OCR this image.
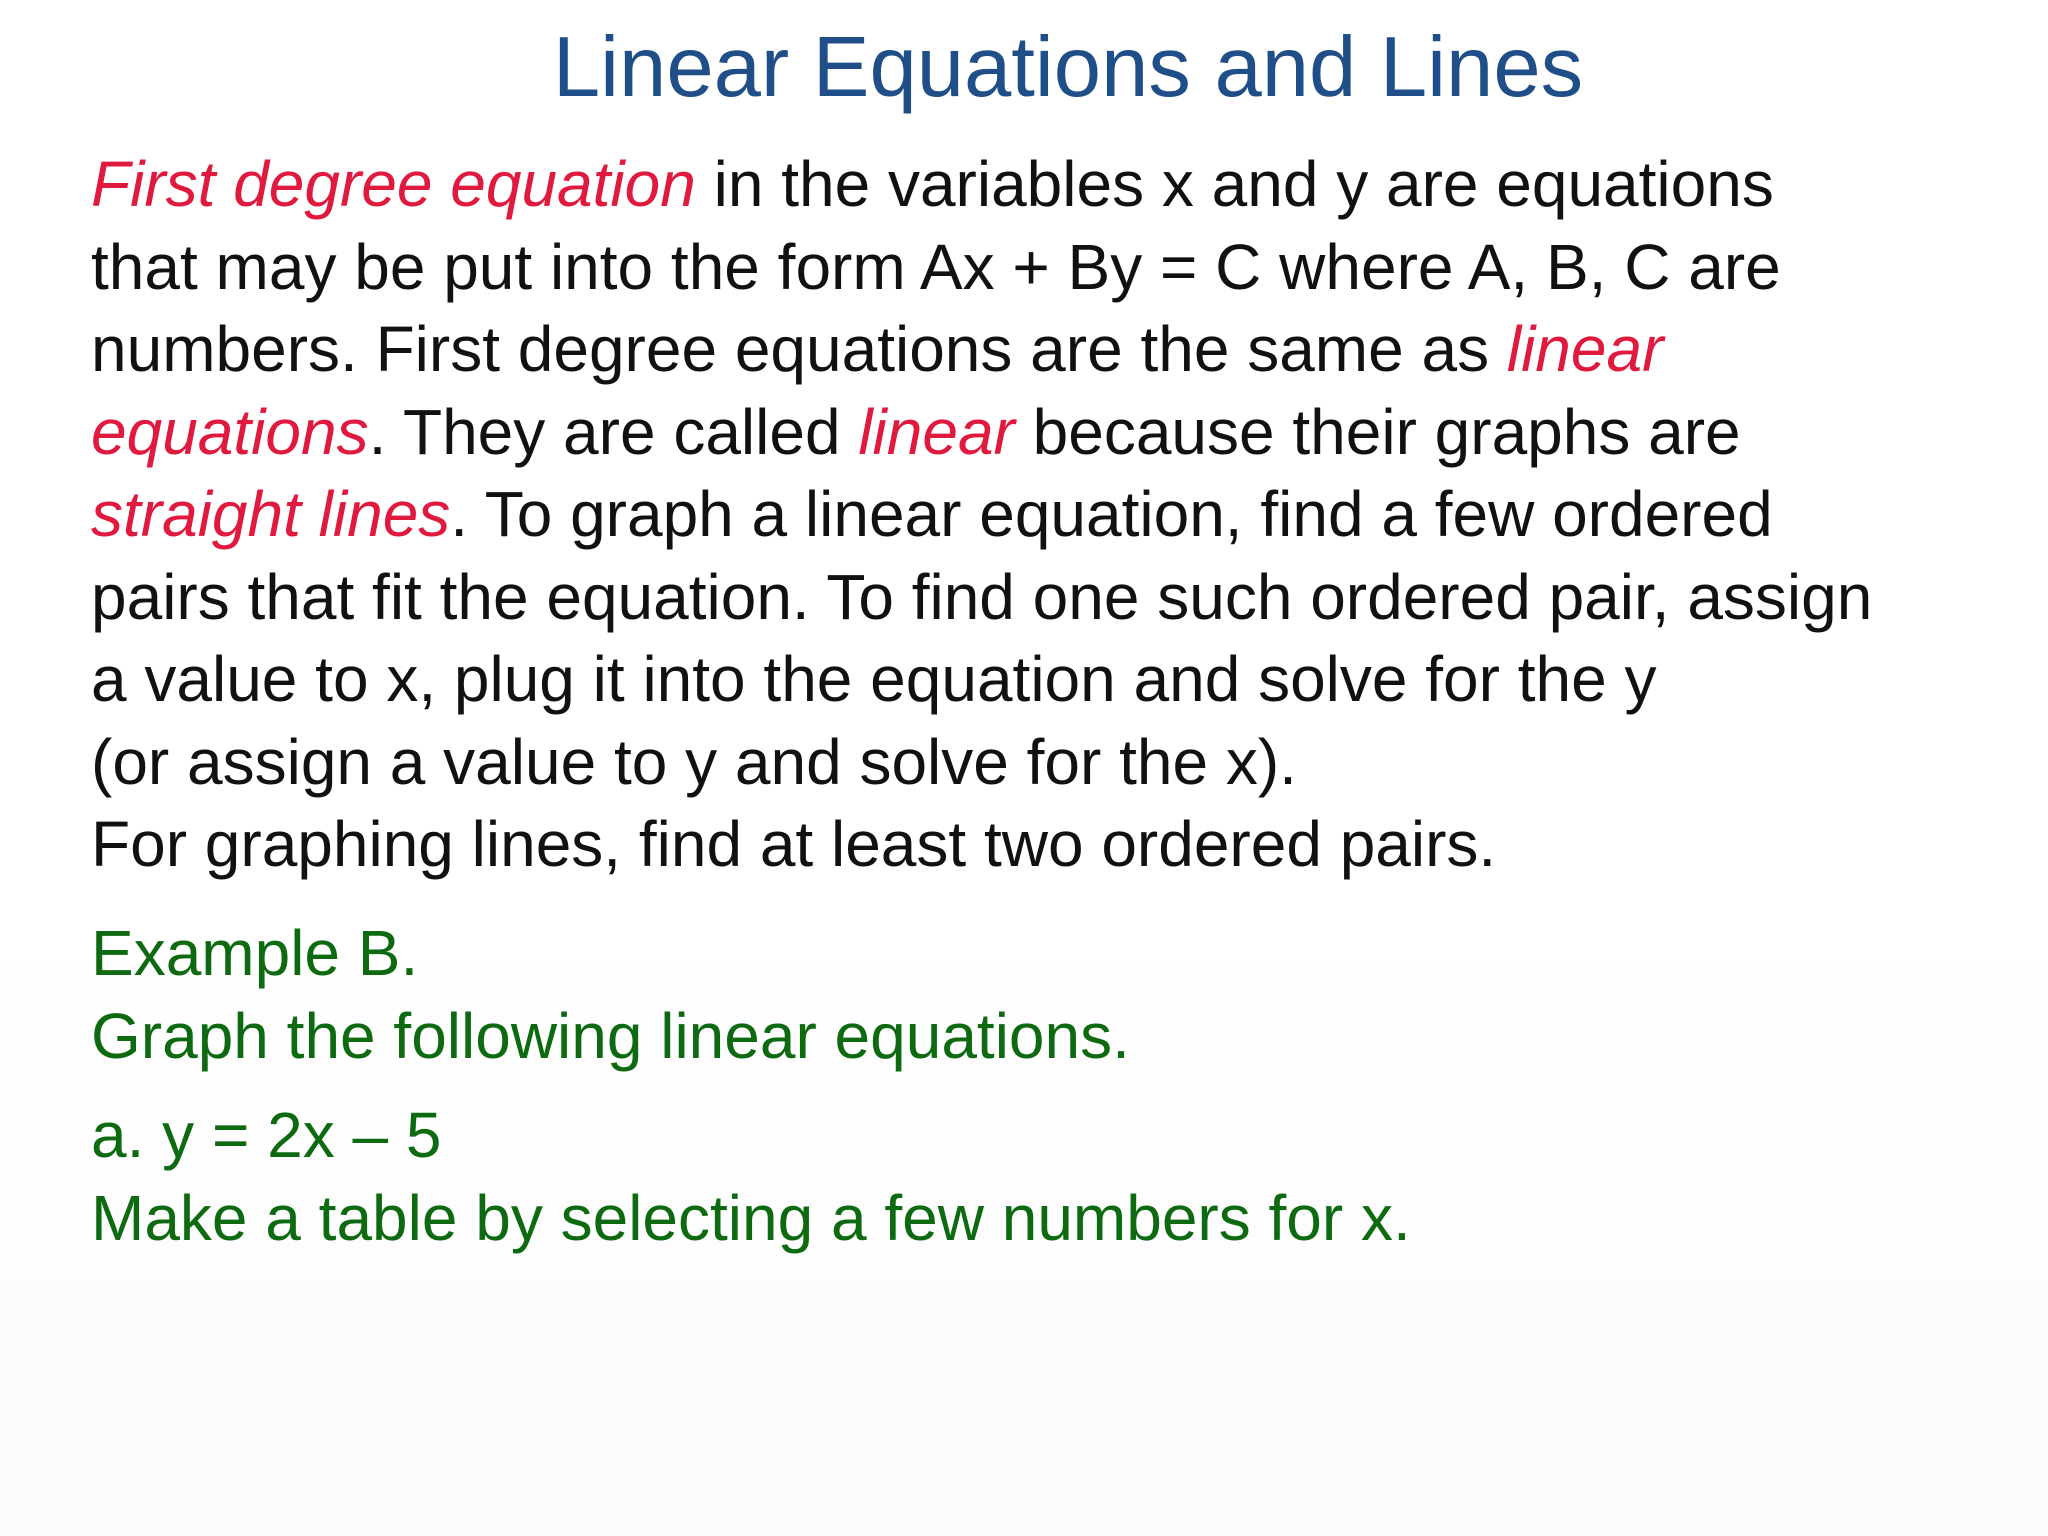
Linear Equations and Lines
First degree equation in the variables x and y are equations
that may be put into the form Ax + By = C where A, B, C are
numbers. First degree equations are the same as linear
equations. They are called linear because their graphs are
straight lines. To graph a linear equation, find a few ordered
pairs that fit the equation. To find one such ordered pair, assign
a value to x, plug it into the equation and solve for the y
(or assign a value to y and solve for the x).
For graphing lines, find at least two ordered pairs.
Example B.
Graph the following linear equations.
a. y = 2x – 5
Make a table by selecting a few numbers for x.
